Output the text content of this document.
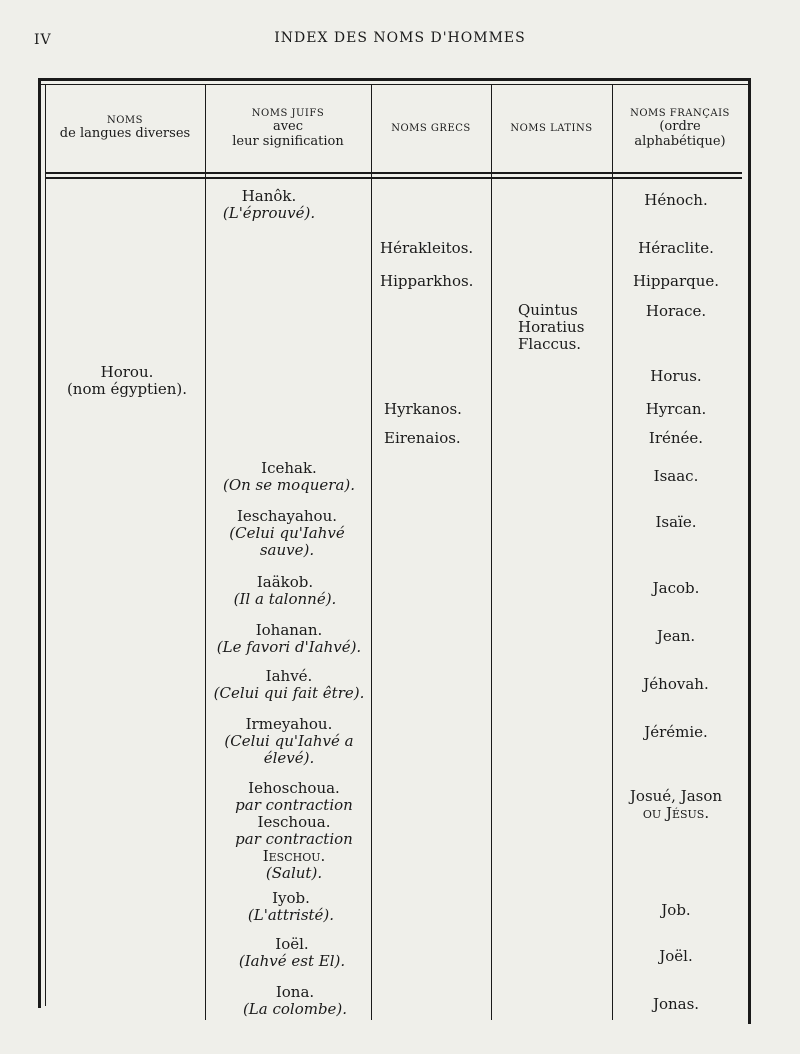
IV	INDEX DES NOMS D'HOMMES
NOMS
de langues diverses
NOMS JUIFS
avec
leur signification
NOMS GRECS	NOMS LATINS
NOMS FRANÇAIS
(ordre
alphabétique)
Hanôk.
(L'éprouvé).
Icehak.
(On se moquera).
Ieschayahou.
(Celui qu'Iahvé
sauve).
Iaäkob.
(Il a talonné).
Iohanan.
(Le favori d'Iahvé).
Iahvé.
(Celui qui fait être).
Irmeyahou.
(Celui qu'Iahvé a
élevé).
Iehoschoua.
par contraction
Ieschoua.
par contraction
Ieschou.
(Salut).
Iyob.
(L'attristé).
Ioël.
(Iahvé est El).
Iona.
(La colombe).
Horou.
(nom égyptien).
Hérakleitos.
Hipparkhos.
Hyrkanos.
Eirenaios.
Quintus
Horatius
Flaccus.
Hénoch.
Héraclite.
Hipparque.
Horace.
Horus.
Hyrcan.
Irénée.
Isaac.
Isaïe.
Jacob.
Jean.
Jéhovah.
Jérémie.
Josué, Jason
ou Jésus.
Job.
Joël.
Jonas.
